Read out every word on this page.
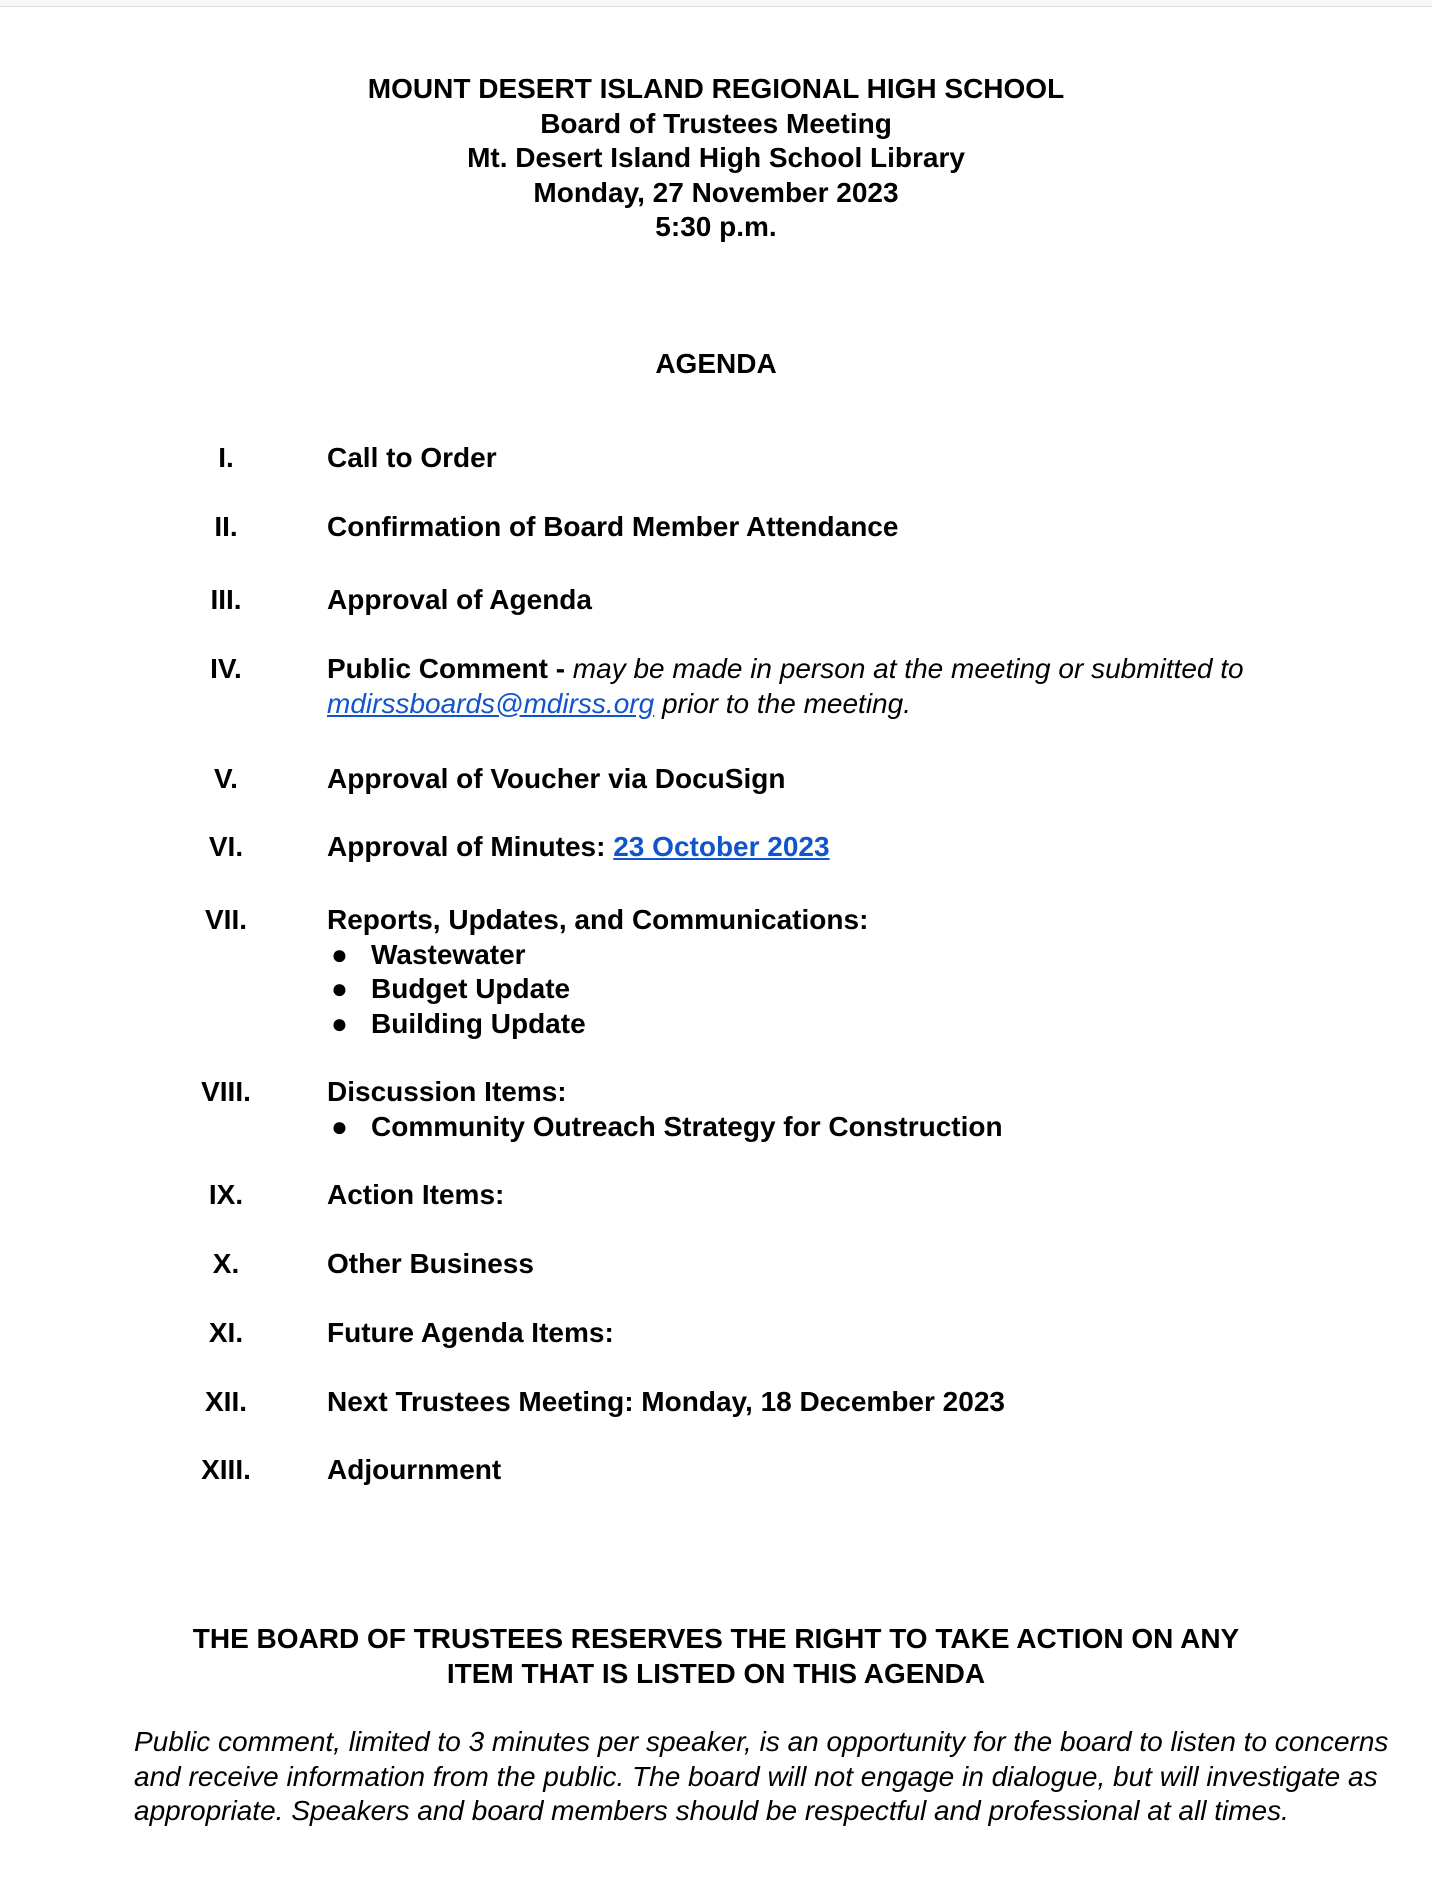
MOUNT DESERT ISLAND REGIONAL HIGH SCHOOL
Board of Trustees Meeting
Mt. Desert Island High School Library
Monday, 27 November 2023
5:30 p.m.
AGENDA
I.	Call to Order
II.	Confirmation of Board Member Attendance
III.	Approval of Agenda
IV.	Public Comment - may be made in person at the meeting or submitted to
mdirssboards@mdirss.org prior to the meeting.
V.	Approval of Voucher via DocuSign
VI.	Approval of Minutes: 23 October 2023
VII.	Reports, Updates, and Communications:
● Wastewater
● Budget Update
● Building Update
VIII.	Discussion Items:
● Community Outreach Strategy for Construction
IX.	Action Items:
X.	Other Business
XI.	Future Agenda Items:
XII.	Next Trustees Meeting: Monday, 18 December 2023
XIII.	Adjournment
THE BOARD OF TRUSTEES RESERVES THE RIGHT TO TAKE ACTION ON ANY
ITEM THAT IS LISTED ON THIS AGENDA
Public comment, limited to 3 minutes per speaker, is an opportunity for the board to listen to concerns and receive information from the public. The board will not engage in dialogue, but will investigate as appropriate. Speakers and board members should be respectful and professional at all times.
